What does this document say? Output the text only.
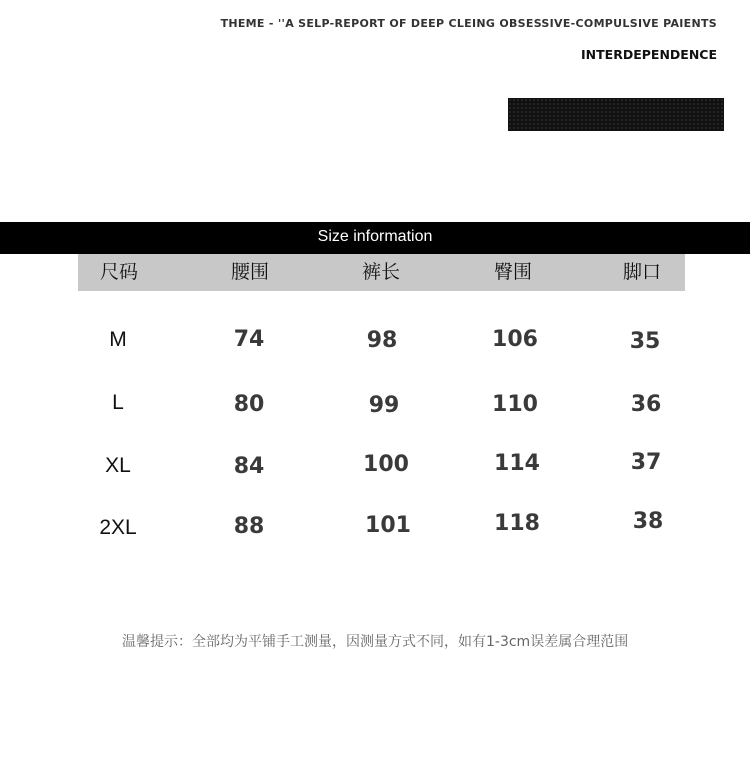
THEME - ''A SELP-REPORT OF DEEP CLEING OBSESSIVE-COMPULSIVE PAIENTS
INTERDEPENDENCE
Size information
尺码	腰围	裤长	臀围	脚口
M	74	98	106	35
L	80	99	110	36
XL	84	100	114	37
2XL	88	101	118	38
温馨提示：全部均为平铺手工测量，因测量方式不同，如有1-3cm误差属合理范围
